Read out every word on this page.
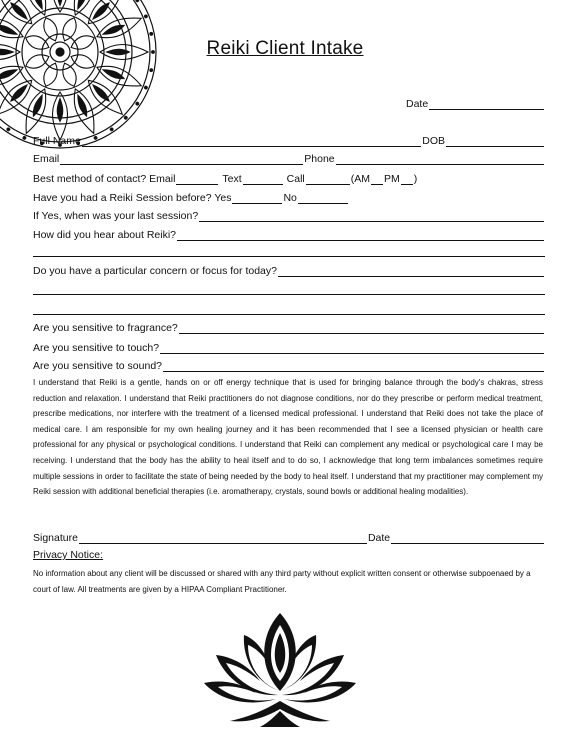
Reiki Client Intake
Date
Full Name	DOB
Email	Phone
Best method of contact? Email	Text	Call	(AM PM )
Have you had a Reiki Session before? Yes	No
If Yes, when was your last session?
How did you hear about Reiki?
Do you have a particular concern or focus for today?
Are you sensitive to fragrance?
Are you sensitive to touch?
Are you sensitive to sound?
I understand that Reiki is a gentle, hands on or off energy technique that is used for bringing balance through the body's chakras, stress reduction and relaxation. I understand that Reiki practitioners do not diagnose conditions, nor do they prescribe or perform medical treatment, prescribe medications, nor interfere with the treatment of a licensed medical professional. I understand that Reiki does not take the place of medical care. I am responsible for my own healing journey and it has been recommended that I see a licensed physician or health care professional for any physical or psychological conditions. I understand that Reiki can complement any medical or psychological care I may be receiving. I understand that the body has the ability to heal itself and to do so, I acknowledge that long term imbalances sometimes require multiple sessions in order to facilitate the state of being needed by the body to heal itself. I understand that my practitioner may complement my Reiki session with additional beneficial therapies (i.e. aromatherapy, crystals, sound bowls or additional healing modalities).
Signature	Date
Privacy Notice:
No information about any client will be discussed or shared with any third party without explicit written consent or otherwise subpoenaed by a court of law. All treatments are given by a HIPAA Compliant Practitioner.
